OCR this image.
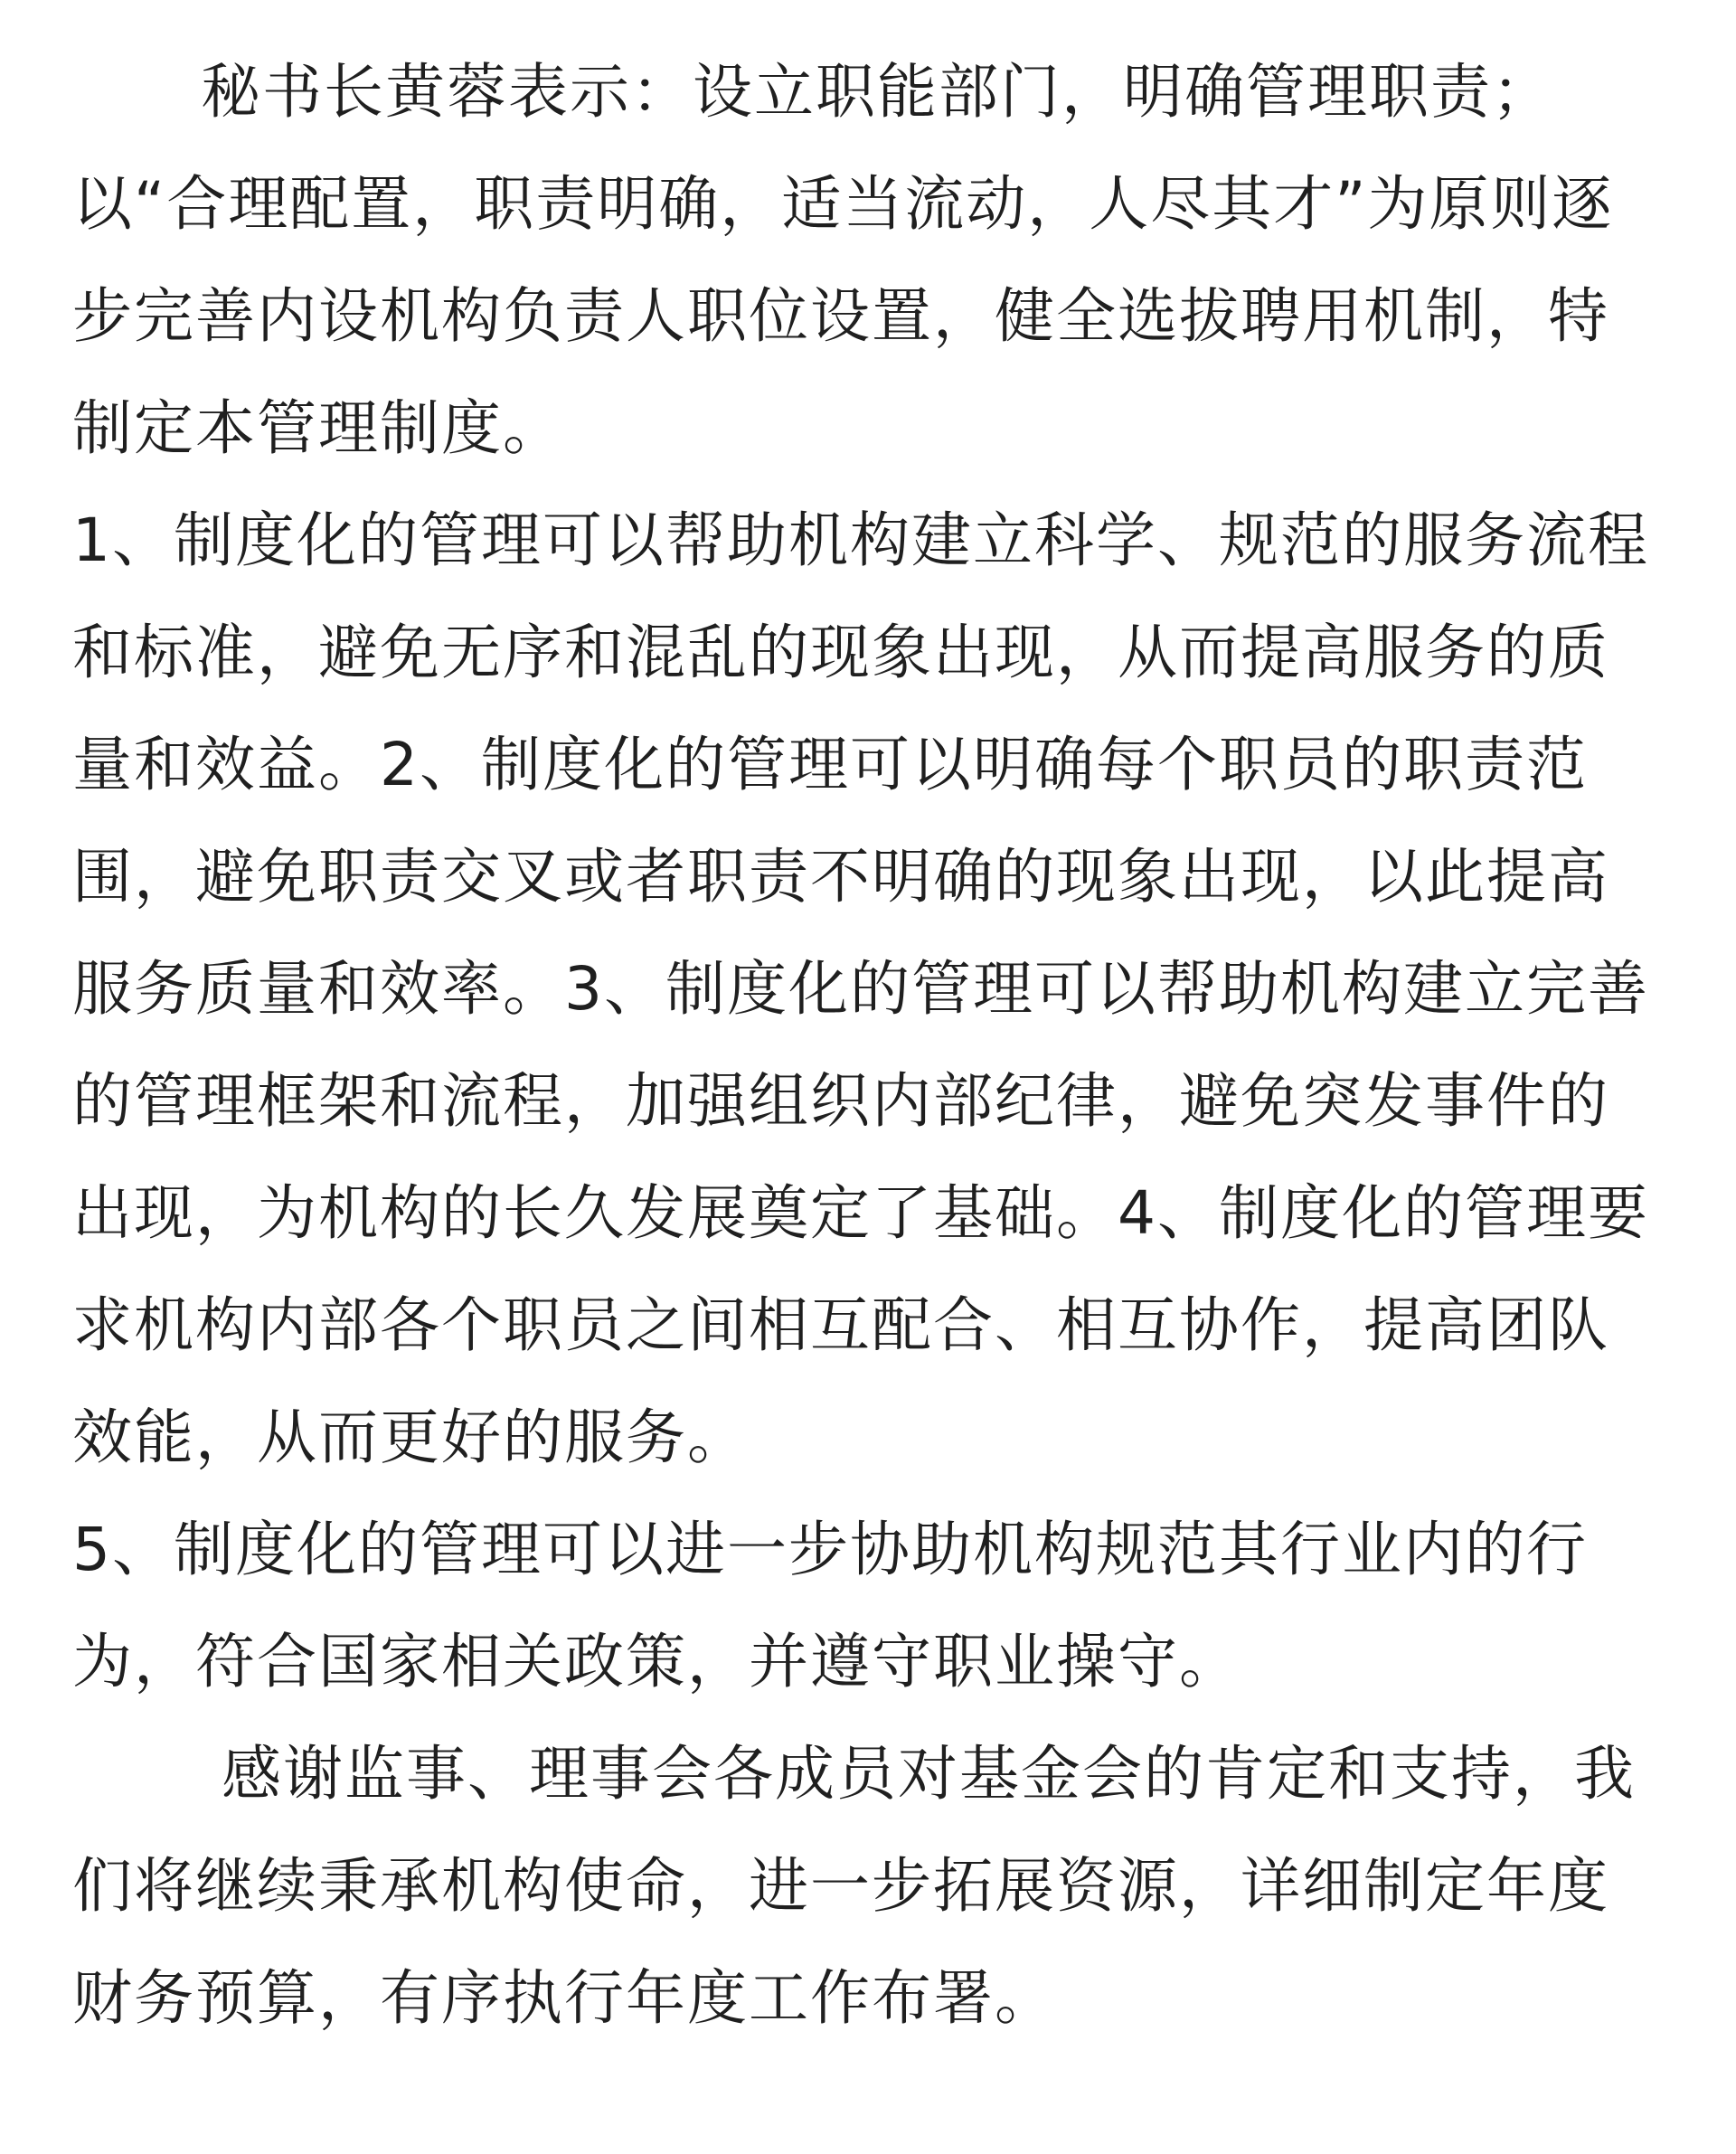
秘书长黄蓉表示：设立职能部门，明确管理职责；以“合理配置，职责明确，适当流动，人尽其才”为原则逐步完善内设机构负责人职位设置，健全选拔聘用机制，特制定本管理制度。

1、制度化的管理可以帮助机构建立科学、规范的服务流程和标准，避免无序和混乱的现象出现，从而提高服务的质量和效益。2、制度化的管理可以明确每个职员的职责范围，避免职责交叉或者职责不明确的现象出现，以此提高服务质量和效率。3、制度化的管理可以帮助机构建立完善的管理框架和流程，加强组织内部纪律，避免突发事件的出现，为机构的长久发展奠定了基础。4、制度化的管理要求机构内部各个职员之间相互配合、相互协作，提高团队效能，从而更好的服务。

5、制度化的管理可以进一步协助机构规范其行业内的行为，符合国家相关政策，并遵守职业操守。

感谢监事、理事会各成员对基金会的肯定和支持，我们将继续秉承机构使命，进一步拓展资源，详细制定年度财务预算，有序执行年度工作布署。
